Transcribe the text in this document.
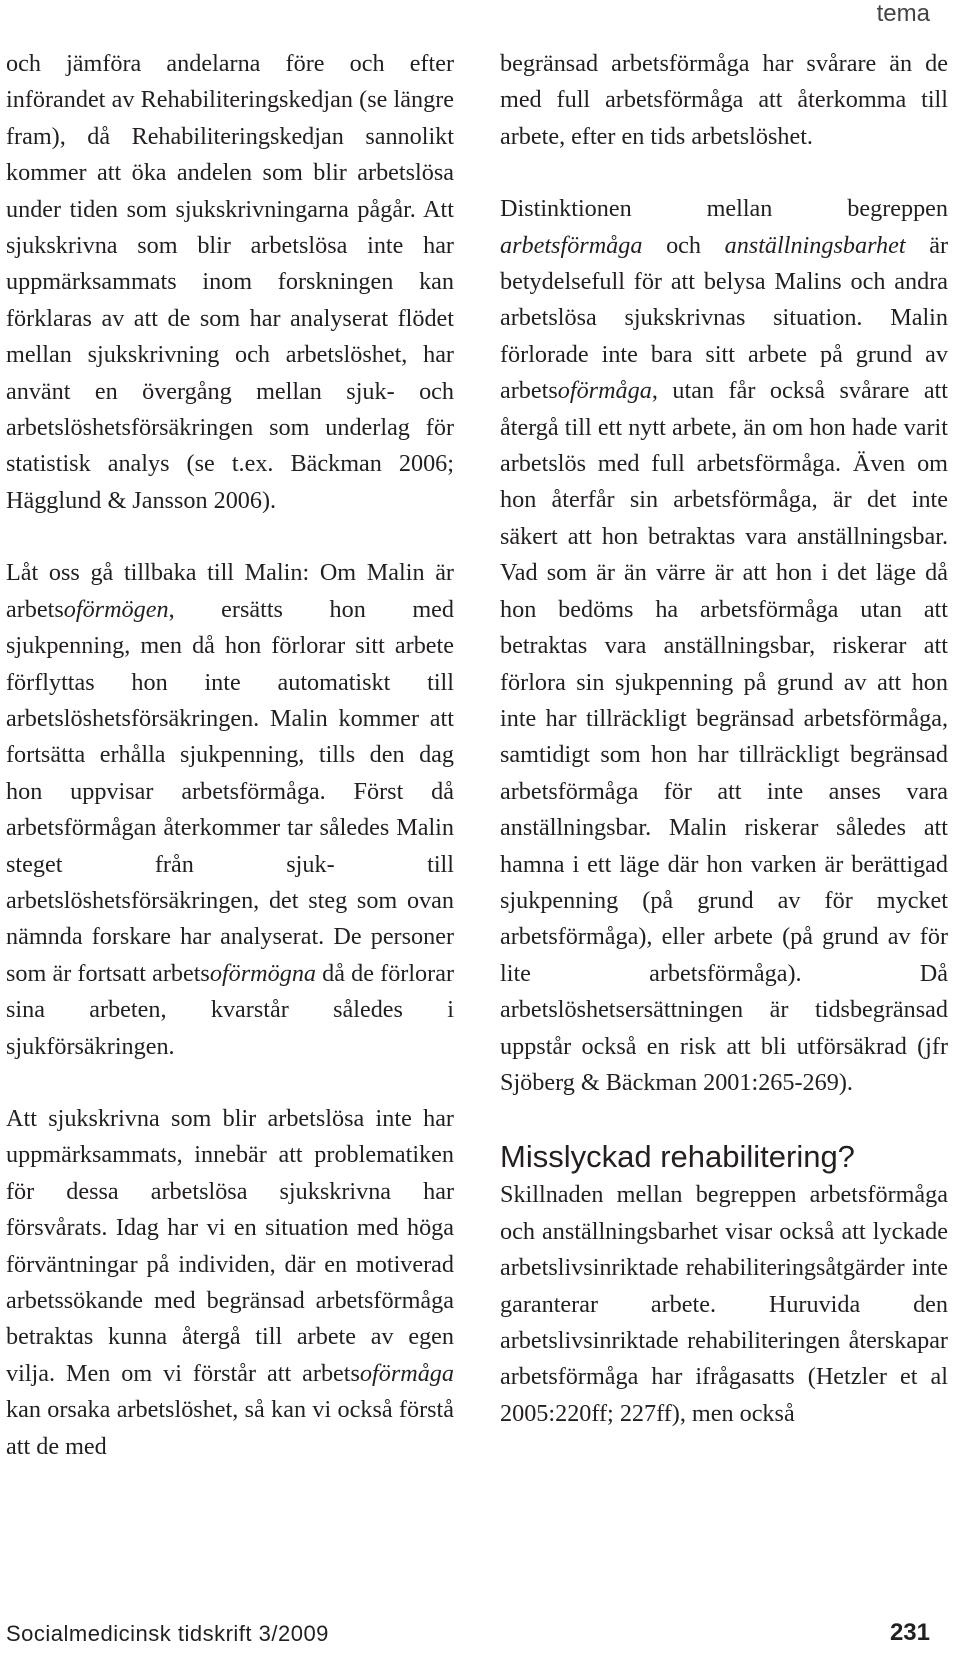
tema

och jämföra andelarna före och efter införandet av Rehabiliteringskedjan (se längre fram), då Rehabiliteringskedjan sannolikt kommer att öka andelen som blir arbetslösa under tiden som sjukskrivningarna pågår. Att sjukskrivna som blir arbetslösa inte har uppmärksammats inom forskningen kan förklaras av att de som har analyserat flödet mellan sjukskrivning och arbetslöshet, har använt en övergång mellan sjuk- och arbetslöshetsförsäkringen som underlag för statistisk analys (se t.ex. Bäckman 2006; Hägglund & Jansson 2006).

Låt oss gå tillbaka till Malin: Om Malin är arbetsoförmögen, ersätts hon med sjukpenning, men då hon förlorar sitt arbete förflyttas hon inte automatiskt till arbetslöshetsförsäkringen. Malin kommer att fortsätta erhålla sjukpenning, tills den dag hon uppvisar arbetsförmåga. Först då arbetsförmågan återkommer tar således Malin steget från sjuk- till arbetslöshetsförsäkringen, det steg som ovan nämnda forskare har analyserat. De personer som är fortsatt arbetsoförmögna då de förlorar sina arbeten, kvarstår således i sjukförsäkringen.

Att sjukskrivna som blir arbetslösa inte har uppmärksammats, innebär att problematiken för dessa arbetslösa sjukskrivna har försvårats. Idag har vi en situation med höga förväntningar på individen, där en motiverad arbetssökande med begränsad arbetsförmåga betraktas kunna återgå till arbete av egen vilja. Men om vi förstår att arbetsoförmåga kan orsaka arbetslöshet, så kan vi också förstå att de med

begränsad arbetsförmåga har svårare än de med full arbetsförmåga att återkomma till arbete, efter en tids arbetslöshet.

Distinktionen mellan begreppen arbetsförmåga och anställningsbarhet är betydelsefull för att belysa Malins och andra arbetslösa sjukskrivnas situation. Malin förlorade inte bara sitt arbete på grund av arbetsoförmåga, utan får också svårare att återgå till ett nytt arbete, än om hon hade varit arbetslös med full arbetsförmåga. Även om hon återfår sin arbetsförmåga, är det inte säkert att hon betraktas vara anställningsbar. Vad som är än värre är att hon i det läge då hon bedöms ha arbetsförmåga utan att betraktas vara anställningsbar, riskerar att förlora sin sjukpenning på grund av att hon inte har tillräckligt begränsad arbetsförmåga, samtidigt som hon har tillräckligt begränsad arbetsförmåga för att inte anses vara anställningsbar. Malin riskerar således att hamna i ett läge där hon varken är berättigad sjukpenning (på grund av för mycket arbetsförmåga), eller arbete (på grund av för lite arbetsförmåga). Då arbetslöshetsersättningen är tidsbegränsad uppstår också en risk att bli utförsäkrad (jfr Sjöberg & Bäckman 2001:265-269).

Misslyckad rehabilitering?

Skillnaden mellan begreppen arbetsförmåga och anställningsbarhet visar också att lyckade arbetslivsinriktade rehabiliteringsåtgärder inte garanterar arbete. Huruvida den arbetslivsinriktade rehabiliteringen återskapar arbetsförmåga har ifrågasatts (Hetzler et al 2005:220ff; 227ff), men också

Socialmedicinsk tidskrift 3/2009	231
